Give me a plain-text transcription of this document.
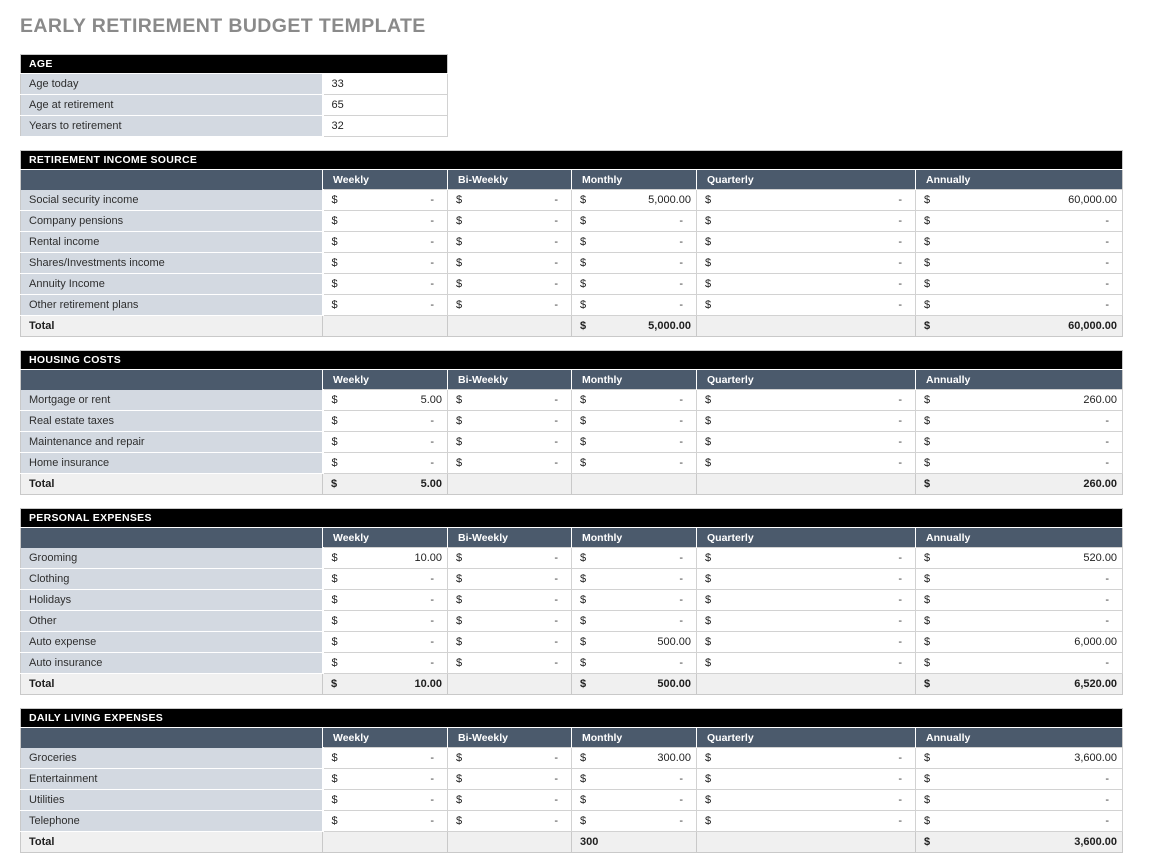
EARLY RETIREMENT BUDGET TEMPLATE
AGE	
Age today	33
Age at retirement	65
Years to retirement	32
RETIREMENT INCOME SOURCE					
	Weekly	Bi-Weekly	Monthly	Quarterly	Annually
Social security income	$ -	$ -	$ 5,000.00	$ -	$ 60,000.00

Company pensions	$ -	$ -	$ -	$ -	$ -

Rental income	$ -	$ -	$ -	$ -	$ -

Shares/Investments income	$ -	$ -	$ -	$ -	$ -

Annuity Income	$ -	$ -	$ -	$ -	$ -

Other retirement plans	$ -	$ -	$ -	$ -	$ -

Total			$ 5,000.00		$ 60,000.00
HOUSING COSTS					
	Weekly	Bi-Weekly	Monthly	Quarterly	Annually
Mortgage or rent	$ 5.00	$ -	$ -	$ -	$ 260.00

Real estate taxes	$ -	$ -	$ -	$ -	$ -

Maintenance and repair	$ -	$ -	$ -	$ -	$ -

Home insurance	$ -	$ -	$ -	$ -	$ -

Total	$ 5.00				$ 260.00
PERSONAL EXPENSES					
	Weekly	Bi-Weekly	Monthly	Quarterly	Annually
Grooming	$ 10.00	$ -	$ -	$ -	$ 520.00

Clothing	$ -	$ -	$ -	$ -	$ -

Holidays	$ -	$ -	$ -	$ -	$ -

Other	$ -	$ -	$ -	$ -	$ -

Auto expense	$ -	$ -	$ 500.00	$ -	$ 6,000.00

Auto insurance	$ -	$ -	$ -	$ -	$ -

Total	$ 10.00		$ 500.00		$ 6,520.00
DAILY LIVING EXPENSES					
	Weekly	Bi-Weekly	Monthly	Quarterly	Annually
Groceries	$ -	$ -	$ 300.00	$ -	$ 3,600.00

Entertainment	$ -	$ -	$ -	$ -	$ -

Utilities	$ -	$ -	$ -	$ -	$ -

Telephone	$ -	$ -	$ -	$ -	$ -

Total			300		$ 3,600.00
